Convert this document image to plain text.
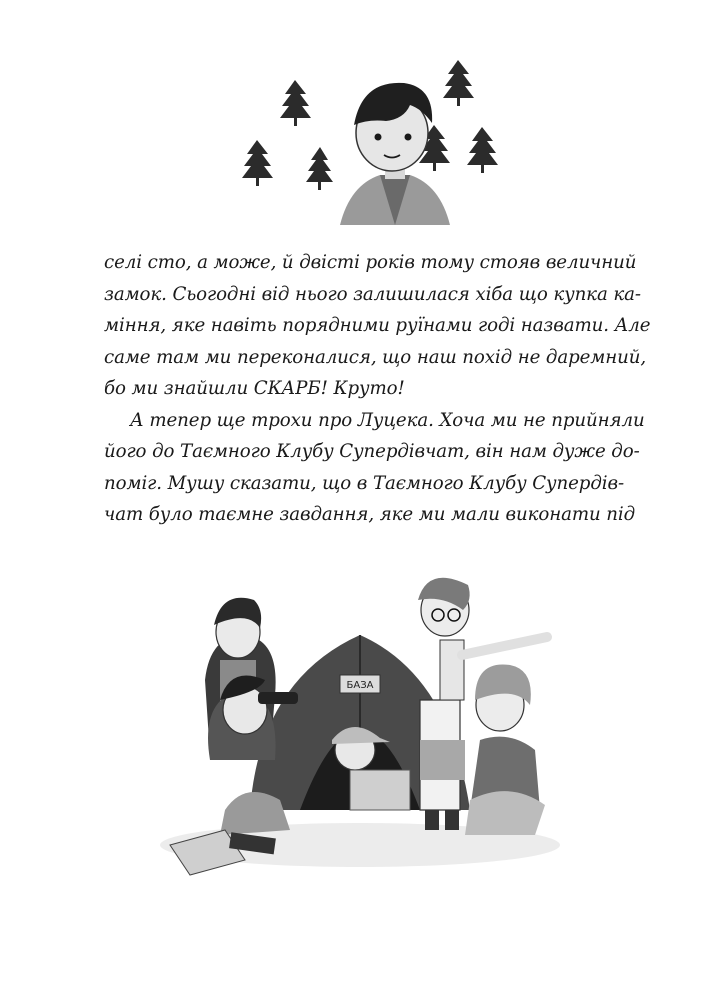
селі сто, а може, й двісті років тому стояв величний
замок. Сьогодні від нього залишилася хіба що купка ка-
міння, яке навіть порядними руїнами годі назвати. Але
саме там ми переконалися, що наш похід не даремний,
бо ми знайшли СКАРБ! Круто!
А тепер ще трохи про Луцека. Хоча ми не прийняли
його до Таємного Клубу Супердівчат, він нам дуже до-
поміг. Мушу сказати, що в Таємного Клубу Супердів-
чат було таємне завдання, яке ми мали виконати під
БАЗА
